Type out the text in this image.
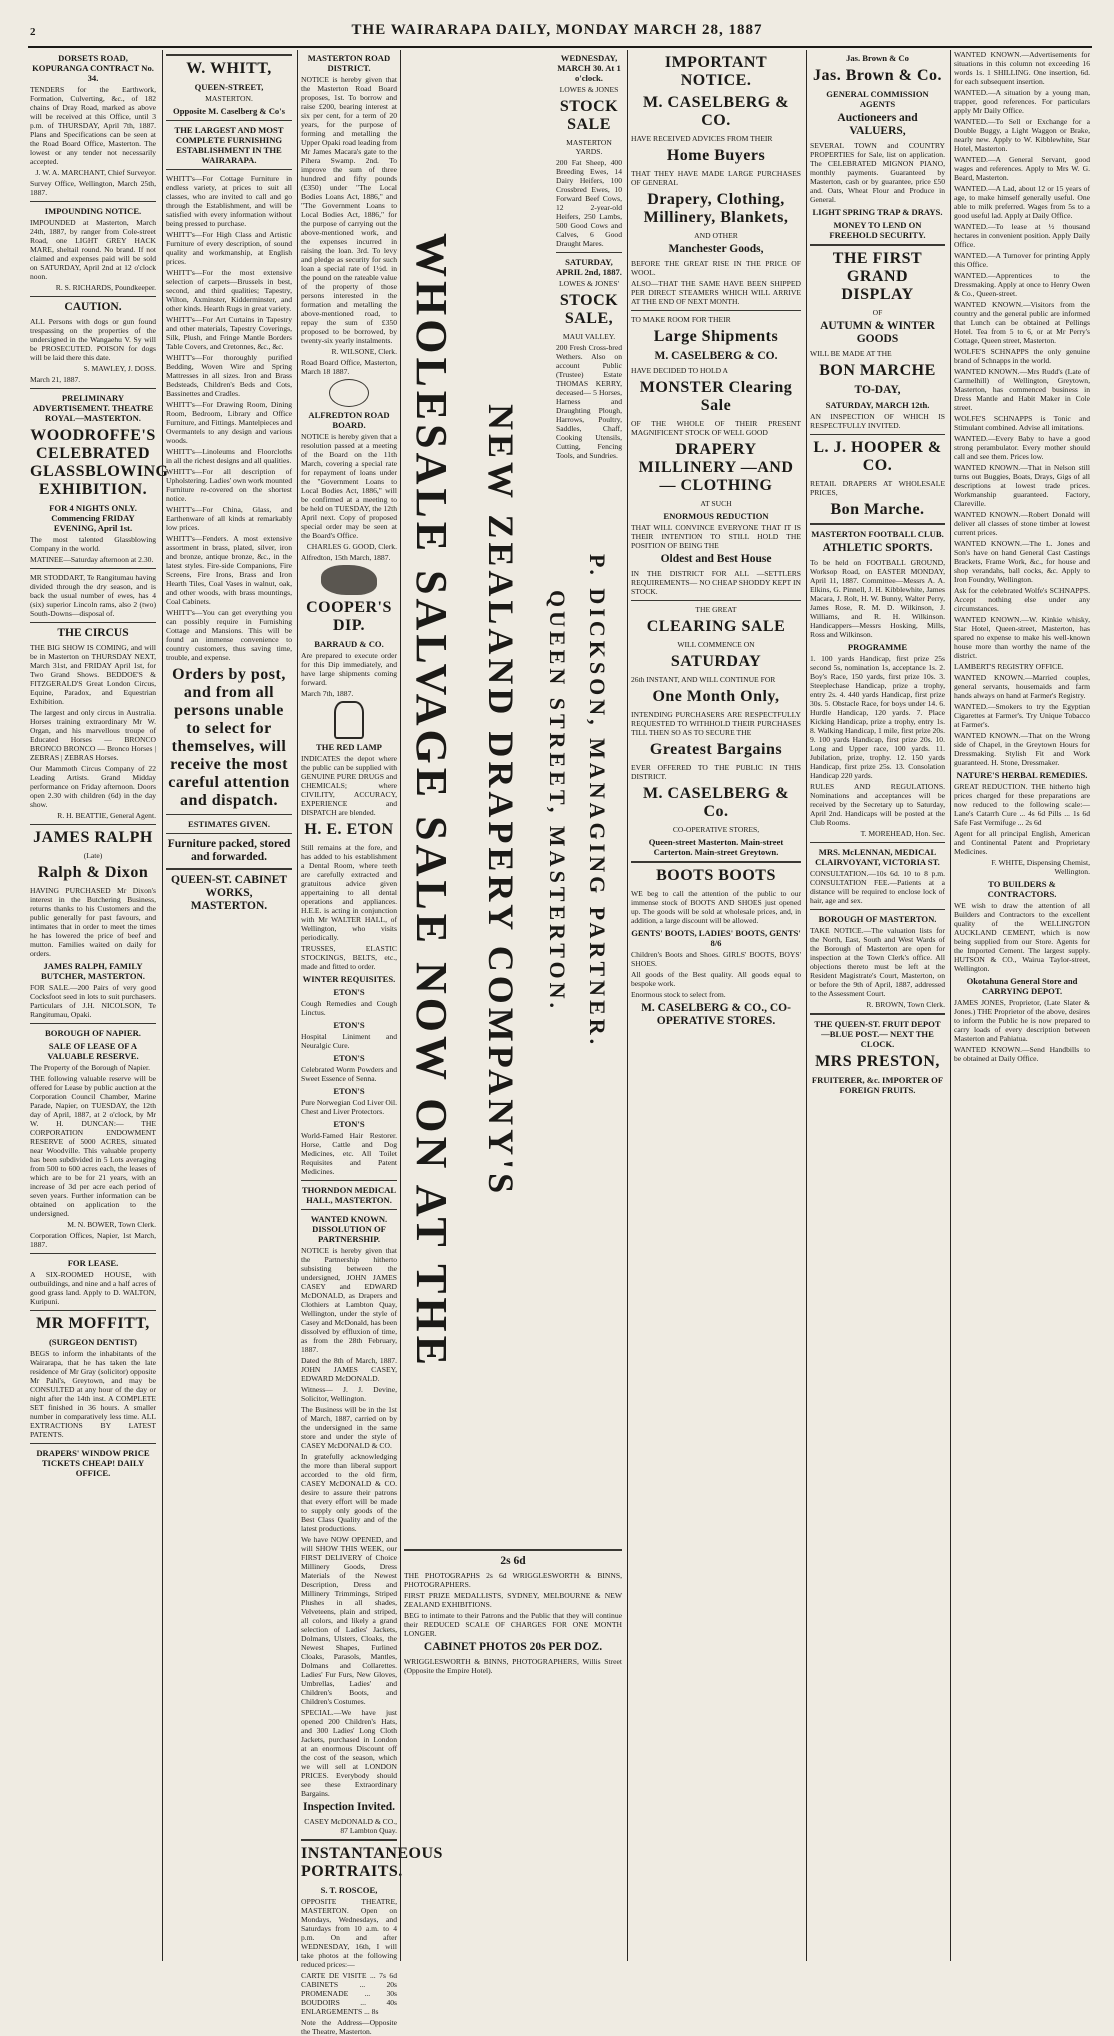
2	THE WAIRARAPA DAILY, MONDAY MARCH 28, 1887

DORSETS ROAD, KOPURANGA CONTRACT No. 34.

TENDERS for the Earthwork, Formation, Culverting, &c., of 182 chains of Dray Road, marked as above will be received at this Office, until 3 p.m. of THURSDAY, April 7th, 1887. Plans and Specifications can be seen at the Road Board Office, Masterton. The lowest or any tender not necessarily accepted.

J. W. A. MARCHANT, Chief Surveyor.

Survey Office, Wellington, March 25th, 1887.

IMPOUNDING NOTICE.

IMPOUNDED at Masterton, March 24th, 1887, by ranger from Cole-street Road, one LIGHT GREY HACK MARE, sheltail round. No brand. If not claimed and expenses paid will be sold on SATURDAY, April 2nd at 12 o'clock noon.

R. S. RICHARDS, Poundkeeper.

CAUTION.

ALL Persons with dogs or gun found trespassing on the properties of the undersigned in the Wangaehu V. Sy will be PROSECUTED. POISON for dogs will be laid there this date.

S. MAWLEY, J. DOSS.

March 21, 1887.

PRELIMINARY ADVERTISEMENT. THEATRE ROYAL—MASTERTON.

WOODROFFE'S CELEBRATED GLASSBLOWING EXHIBITION.

FOR 4 NIGHTS ONLY. Commencing FRIDAY EVENING, April 1st.

The most talented Glassblowing Company in the world.

MATINEE—Saturday afternoon at 2.30.

MR STODDART, Te Rangitumau having divided through the dry season, and is back the usual number of ewes, has 4 (six) superior Lincoln rams, also 2 (two) South-Downs—disposal of.

THE CIRCUS

THE BIG SHOW IS COMING, and will be in Masterton on THURSDAY NEXT, March 31st, and FRIDAY April 1st, for Two Grand Shows. BEDDOE'S & FITZGERALD'S Great London Circus, Equine, Paradox, and Equestrian Exhibition.

The largest and only circus in Australia. Horses training extraordinary Mr W. Organ, and his marvellous troupe of Educated Horses — BRONCO BRONCO BRONCO — Bronco Horses | ZEBRAS | ZEBRAS Horses.

Our Mammoth Circus Company of 22 Leading Artists. Grand Midday performance on Friday afternoon. Doors open 2.30 with children (6d) in the day show.

R. H. BEATTIE, General Agent.

JAMES RALPH

(Late)

Ralph & Dixon

HAVING PURCHASED Mr Dixon's interest in the Butchering Business, returns thanks to his Customers and the public generally for past favours, and intimates that in order to meet the times he has lowered the price of beef and mutton. Families waited on daily for orders.

JAMES RALPH, FAMILY BUTCHER, MASTERTON.

FOR SALE.—200 Pairs of very good Cocksfoot seed in lots to suit purchasers. Particulars of J.H. NICOLSON, Te Rangitumau, Opaki.

BOROUGH OF NAPIER.

SALE OF LEASE OF A VALUABLE RESERVE.

The Property of the Borough of Napier.

THE following valuable reserve will be offered for Lease by public auction at the Corporation Council Chamber, Marine Parade, Napier, on TUESDAY, the 12th day of April, 1887, at 2 o'clock, by Mr W. H. DUNCAN:— THE CORPORATION ENDOWMENT RESERVE of 5000 ACRES, situated near Woodville. This valuable property has been subdivided in 5 Lots averaging from 500 to 600 acres each, the leases of which are to be for 21 years, with an increase of 3d per acre each period of seven years. Further information can be obtained on application to the undersigned.

M. N. BOWER, Town Clerk.

Corporation Offices, Napier, 1st March, 1887.

FOR LEASE.

A SIX-ROOMED HOUSE, with outbuildings, and nine and a half acres of good grass land. Apply to D. WALTON, Kuripuni.

MR MOFFITT,

(SURGEON DENTIST)

BEGS to inform the inhabitants of the Wairarapa, that he has taken the late residence of Mr Gray (solicitor) opposite Mr Pahl's, Greytown, and may be CONSULTED at any hour of the day or night after the 14th inst. A COMPLETE SET finished in 36 hours. A smaller number in comparatively less time. ALL EXTRACTIONS BY LATEST PATENTS.

DRAPERS' WINDOW PRICE TICKETS CHEAP! DAILY OFFICE.

W. WHITT,

QUEEN-STREET,

MASTERTON.

Opposite M. Caselberg & Co's

THE LARGEST AND MOST COMPLETE FURNISHING ESTABLISHMENT IN THE WAIRARAPA.

WHITT's—For Cottage Furniture in endless variety, at prices to suit all classes, who are invited to call and go through the Establishment, and will be satisfied with every information without being pressed to purchase.

WHITT's—For High Class and Artistic Furniture of every description, of sound quality and workmanship, at English prices.

WHITT's—For the most extensive selection of carpets—Brussels in best, second, and third qualities; Tapestry, Wilton, Axminster, Kidderminster, and other kinds. Hearth Rugs in great variety.

WHITT's—For Art Curtains in Tapestry and other materials, Tapestry Coverings, Silk, Plush, and Fringe Mantle Borders Table Covers, and Cretonnes, &c., &c.

WHITT's—For thoroughly purified Bedding, Woven Wire and Spring Mattresses in all sizes. Iron and Brass Bedsteads, Children's Beds and Cots, Bassinettes and Cradles.

WHITT's—For Drawing Room, Dining Room, Bedroom, Library and Office Furniture, and Fittings. Mantelpieces and Overmantels to any design and various woods.

WHITT's—Linoleums and Floorcloths in all the richest designs and all qualities.

WHITT's—For all description of Upholstering. Ladies' own work mounted Furniture re-covered on the shortest notice.

WHITT's—For China, Glass, and Earthenware of all kinds at remarkably low prices.

WHITT's—Fenders. A most extensive assortment in brass, plated, silver, iron and bronze, antique bronze, &c., in the latest styles. Fire-side Companions, Fire Screens, Fire Irons, Brass and Iron Hearth Tiles, Coal Vases in walnut, oak, and other woods, with brass mountings, Coal Cabinets.

WHITT's—You can get everything you can possibly require in Furnishing Cottage and Mansions. This will be found an immense convenience to country customers, thus saving time, trouble, and expense.

Orders by post, and from all persons unable to select for themselves, will receive the most careful attention and dispatch.

ESTIMATES GIVEN.

Furniture packed, stored and forwarded.

QUEEN-ST. CABINET WORKS, MASTERTON.

MASTERTON ROAD DISTRICT.

NOTICE is hereby given that the Masterton Road Board proposes, 1st. To borrow and raise £200, bearing interest at six per cent, for a term of 20 years, for the purpose of forming and metalling the Upper Opaki road leading from Mr James Macara's gate to the Pihera Swamp. 2nd. To improve the sum of three hundred and fifty pounds (£350) under "The Local Bodies Loans Act, 1886," and "The Government Loans to Local Bodies Act, 1886," for the purpose of carrying out the above-mentioned work, and the expenses incurred in raising the loan. 3rd. To levy and pledge as security for such loan a special rate of 1½d. in the pound on the rateable value of the property of those persons interested in the formation and metalling the above-mentioned road, to repay the sum of £350 proposed to be borrowed, by twenty-six yearly instalments.

R. WILSONE, Clerk.

Road Board Office, Masterton, March 18 1887.

ALFREDTON ROAD BOARD.

NOTICE is hereby given that a resolution passed at a meeting of the Board on the 11th March, covering a special rate for repayment of loans under the "Government Loans to Local Bodies Act, 1886," will be confirmed at a meeting to be held on TUESDAY, the 12th April next. Copy of proposed special order may be seen at the Board's Office.

CHARLES G. GOOD, Clerk.

Alfredton, 15th March, 1887.

COOPER'S DIP.

BARRAUD & CO.

Are prepared to execute order for this Dip immediately, and have large shipments coming forward.

March 7th, 1887.

THE RED LAMP

INDICATES the depot where the public can be supplied with GENUINE PURE DRUGS and CHEMICALS; where CIVILITY, ACCURACY, EXPERIENCE and DISPATCH are blended.

H. E. ETON

Still remains at the fore, and has added to his establishment a Dental Room, where teeth are carefully extracted and gratuitous advice given appertaining to all dental operations and appliances. H.E.E. is acting in conjunction with Mr WALTER HALL, of Wellington, who visits periodically.

TRUSSES, ELASTIC STOCKINGS, BELTS, etc., made and fitted to order.

WINTER REQUISITES.

ETON'S

Cough Remedies and Cough Linctus.

ETON'S

Hospital Liniment and Neuralgic Cure.

ETON'S

Celebrated Worm Powders and Sweet Essence of Senna.

ETON'S

Pure Norwegian Cod Liver Oil. Chest and Liver Protectors.

ETON'S

World-Famed Hair Restorer. Horse, Cattle and Dog Medicines, etc. All Toilet Requisites and Patent Medicines.

THORNDON MEDICAL HALL, MASTERTON.

WANTED KNOWN. DISSOLUTION OF PARTNERSHIP.

NOTICE is hereby given that the Partnership hitherto subsisting between the undersigned, JOHN JAMES CASEY and EDWARD McDONALD, as Drapers and Clothiers at Lambton Quay, Wellington, under the style of Casey and McDonald, has been dissolved by effluxion of time, as from the 28th February, 1887.

Dated the 8th of March, 1887. JOHN JAMES CASEY, EDWARD McDONALD.

Witness— J. J. Devine, Solicitor, Wellington.

The Business will be in the 1st of March, 1887, carried on by the undersigned in the same store and under the style of CASEY McDONALD & CO.

In gratefully acknowledging the more than liberal support accorded to the old firm, CASEY McDONALD & CO. desire to assure their patrons that every effort will be made to supply only goods of the Best Class Quality and of the latest productions.

We have NOW OPENED, and will SHOW THIS WEEK, our FIRST DELIVERY of Choice Millinery Goods, Dress Materials of the Newest Description, Dress and Millinery Trimmings, Striped Plushes in all shades, Velveteens, plain and striped, all colors, and likely a grand selection of Ladies' Jackets, Dolmans, Ulsters, Cloaks, the Newest Shapes, Furlined Cloaks, Parasols, Mantles, Dolmans and Collarettes. Ladies' Fur Furs, New Gloves, Umbrellas, Ladies' and Children's Boots, and Children's Costumes.

SPECIAL.—We have just opened 200 Children's Hats, and 300 Ladies' Long Cloth Jackets, purchased in London at an enormous Discount off the cost of the season, which we will sell at LONDON PRICES. Everybody should see these Extraordinary Bargains.

Inspection Invited.

CASEY McDONALD & CO., 87 Lambton Quay.

INSTANTANEOUS PORTRAITS.

S. T. ROSCOE,

OPPOSITE THEATRE, MASTERTON. Open on Mondays, Wednesdays, and Saturdays from 10 a.m. to 4 p.m. On and after WEDNESDAY, 16th, I will take photos at the following reduced prices:—

CARTE DE VISITE ... 7s 6d CABINETS ... 20s PROMENADE ... 30s BOUDOIRS ... 40s ENLARGEMENTS ... 8s

Note the Address—Opposite the Theatre, Masterton.

WEDNESDAY, MARCH 30. At 1 o'clock.

LOWES & JONES

STOCK SALE

MASTERTON YARDS.

200 Fat Sheep, 400 Breeding Ewes, 14 Dairy Heifers, 100 Crossbred Ewes, 10 Forward Beef Cows, 12 2-year-old Heifers, 250 Lambs, 500 Good Cows and Calves, 6 Good Draught Mares.

SATURDAY, APRIL 2nd, 1887.

LOWES & JONES'

STOCK SALE,

MAUI VALLEY.

200 Fresh Cross-bred Wethers. Also on account Public (Trustee) Estate THOMAS KERRY, deceased— 5 Horses, Harness and Draughting Plough, Harrows, Poultry, Saddles, Chaff, Cooking Utensils, Cutting, Fencing Tools, and Sundries.

WHOLESALE SALVAGE SALE NOW ON AT THE NEW ZEALAND DRAPERY COMPANY'S QUEEN STREET, MASTERTON. P. DICKSON, MANAGING PARTNER.

2s 6d

THE PHOTOGRAPHS 2s 6d WRIGGLESWORTH & BINNS, PHOTOGRAPHERS.

FIRST PRIZE MEDALLISTS, SYDNEY, MELBOURNE & NEW ZEALAND EXHIBITIONS.

BEG to intimate to their Patrons and the Public that they will continue their REDUCED SCALE OF CHARGES FOR ONE MONTH LONGER.

CABINET PHOTOS 20s PER DOZ.

WRIGGLESWORTH & BINNS, PHOTOGRAPHERS, Willis Street (Opposite the Empire Hotel).

IMPORTANT NOTICE.

M. CASELBERG & CO.

HAVE RECEIVED ADVICES FROM THEIR

Home Buyers

THAT THEY HAVE MADE LARGE PURCHASES OF GENERAL

Drapery, Clothing, Millinery, Blankets,

AND OTHER

Manchester Goods,

BEFORE THE GREAT RISE IN THE PRICE OF WOOL.

ALSO—THAT THE SAME HAVE BEEN SHIPPED PER DIRECT STEAMERS WHICH WILL ARRIVE AT THE END OF NEXT MONTH.

TO MAKE ROOM FOR THEIR

Large Shipments

M. CASELBERG & CO.

HAVE DECIDED TO HOLD A

MONSTER Clearing Sale

OF THE WHOLE OF THEIR PRESENT MAGNIFICENT STOCK OF WELL GOOD

DRAPERY MILLINERY —AND— CLOTHING

AT SUCH

ENORMOUS REDUCTION

THAT WILL CONVINCE EVERYONE THAT IT IS THEIR INTENTION TO STILL HOLD THE POSITION OF BEING THE

Oldest and Best House

IN THE DISTRICT FOR ALL —SETTLERS REQUIREMENTS— NO CHEAP SHODDY KEPT IN STOCK.

THE GREAT

CLEARING SALE

WILL COMMENCE ON

SATURDAY

26th INSTANT, AND WILL CONTINUE FOR

One Month Only,

INTENDING PURCHASERS ARE RESPECTFULLY REQUESTED TO WITHHOLD THEIR PURCHASES TILL THEN SO AS TO SECURE THE

Greatest Bargains

EVER OFFERED TO THE PUBLIC IN THIS DISTRICT.

M. CASELBERG & Co.

CO-OPERATIVE STORES,

Queen-street Masterton. Main-street Carterton. Main-street Greytown.

BOOTS BOOTS

WE beg to call the attention of the public to our immense stock of BOOTS AND SHOES just opened up. The goods will be sold at wholesale prices, and, in addition, a large discount will be allowed.

GENTS' BOOTS, LADIES' BOOTS, GENTS' 8/6

Children's Boots and Shoes. GIRLS' BOOTS, BOYS' SHOES.

All goods of the Best quality. All goods equal to bespoke work.

Enormous stock to select from.

M. CASELBERG & CO., CO-OPERATIVE STORES.

Jas. Brown & Co

Jas. Brown & Co.

GENERAL COMMISSION AGENTS

Auctioneers and VALUERS,

SEVERAL TOWN and COUNTRY PROPERTIES for Sale, list on application. The CELEBRATED MIGNON PIANO, monthly payments. Guaranteed by Masterton, cash or by guarantee, price £50 and. Oats, Wheat Flour and Produce in General.

LIGHT SPRING TRAP & DRAYS.

MONEY TO LEND ON FREEHOLD SECURITY.

THE FIRST GRAND DISPLAY

OF

AUTUMN & WINTER GOODS

WILL BE MADE AT THE

BON MARCHE

TO-DAY,

SATURDAY, MARCH 12th.

AN INSPECTION OF WHICH IS RESPECTFULLY INVITED.

L. J. HOOPER & CO.

RETAIL DRAPERS AT WHOLESALE PRICES,

Bon Marche.

MASTERTON FOOTBALL CLUB.

ATHLETIC SPORTS.

To be held on FOOTBALL GROUND, Worksop Road, on EASTER MONDAY, April 11, 1887. Committee—Messrs A. A. Elkins, G. Pinnell, J. H. Kibblewhite, James Macara, J. Rolt, H. W. Bunny, Walter Perry, James Rose, R. M. D. Wilkinson, J. Williams, and R. H. Wilkinson. Handicappers—Messrs Hosking, Mills, Ross and Wilkinson.

PROGRAMME

1. 100 yards Handicap, first prize 25s second 5s, nomination 1s, acceptance 1s. 2. Boy's Race, 150 yards, first prize 10s. 3. Steeplechase Handicap, prize a trophy, entry 2s. 4. 440 yards Handicap, first prize 30s. 5. Obstacle Race, for boys under 14. 6. Hurdle Handicap, 120 yards. 7. Place Kicking Handicap, prize a trophy, entry 1s. 8. Walking Handicap, 1 mile, first prize 20s. 9. 100 yards Handicap, first prize 20s. 10. Long and Upper race, 100 yards. 11. Jubilation, prize, trophy. 12. 150 yards Handicap, first prize 25s. 13. Consolation Handicap 220 yards.

RULES AND REGULATIONS. Nominations and acceptances will be received by the Secretary up to Saturday, April 2nd. Handicaps will be posted at the Club Rooms.

T. MOREHEAD, Hon. Sec.

MRS. McLENNAN, MEDICAL CLAIRVOYANT, VICTORIA ST.

CONSULTATION.—10s 6d. 10 to 8 p.m. CONSULTATION FEE.—Patients at a distance will be required to enclose lock of hair, age and sex.

BOROUGH OF MASTERTON.

TAKE NOTICE.—The valuation lists for the North, East, South and West Wards of the Borough of Masterton are open for inspection at the Town Clerk's office. All objections thereto must be left at the Resident Magistrate's Court, Masterton, on or before the 9th of April, 1887, addressed to the Assessment Court.

R. BROWN, Town Clerk.

THE QUEEN-ST. FRUIT DEPOT —BLUE POST.— NEXT THE CLOCK.

MRS PRESTON,

FRUITERER, &c. IMPORTER OF FOREIGN FRUITS.

WANTED KNOWN.—Advertisements for situations in this column not exceeding 16 words 1s. 1 SHILLING. One insertion, 6d. for each subsequent insertion.

WANTED.—A situation by a young man, trapper, good references. For particulars apply Mr Daily Office.

WANTED.—To Sell or Exchange for a Double Buggy, a Light Waggon or Brake, nearly new. Apply to W. Kibblewhite, Star Hotel, Masterton.

WANTED.—A General Servant, good wages and references. Apply to Mrs W. G. Beard, Masterton.

WANTED.—A Lad, about 12 or 15 years of age, to make himself generally useful. One able to milk preferred. Wages from 5s to a good useful lad. Apply at Daily Office.

WANTED.—To lease at ½ thousand hectares in convenient position. Apply Daily Office.

WANTED.—A Turnover for printing Apply this Office.

WANTED.—Apprentices to the Dressmaking. Apply at once to Henry Owen & Co., Queen-street.

WANTED KNOWN.—Visitors from the country and the general public are informed that Lunch can be obtained at Pellings Hotel. Tea from 5 to 6, or at Mr Perry's Cottage, Queen street, Masterton.

WOLFE'S SCHNAPPS the only genuine brand of Schnapps in the world.

WANTED KNOWN.—Mrs Rudd's (Late of Carmelhill) of Wellington, Greytown, Masterton, has commenced business in Dress Mantle and Habit Maker in Cole street.

WOLFE'S SCHNAPPS is Tonic and Stimulant combined. Advise all imitations.

WANTED.—Every Baby to have a good strong perambulator. Every mother should call and see them. Prices low.

WANTED KNOWN.—That in Nelson still turns out Buggies, Boats, Drays, Gigs of all descriptions at lowest trade prices. Workmanship guaranteed. Factory, Clareville.

WANTED KNOWN.—Robert Donald will deliver all classes of stone timber at lowest current prices.

WANTED KNOWN.—The L. Jones and Son's have on hand General Cast Castings Brackets, Frame Work, &c., for house and shop verandahs, ball cocks, &c. Apply to Iron Foundry, Wellington.

Ask for the celebrated Wolfe's SCHNAPPS. Accept nothing else under any circumstances.

WANTED KNOWN.—W. Kinkie whisky, Star Hotel, Queen-street, Masterton, has spared no expense to make his well-known house more than worthy the name of the district.

LAMBERT'S REGISTRY OFFICE.

WANTED KNOWN.—Married couples, general servants, housemaids and farm hands always on hand at Farmer's Registry.

WANTED.—Smokers to try the Egyptian Cigarettes at Farmer's. Try Unique Tobacco at Farmer's.

WANTED KNOWN.—That on the Wrong side of Chapel, in the Greytown Hours for Dressmaking. Stylish Fit and Work guaranteed. H. Stone, Dressmaker.

NATURE'S HERBAL REMEDIES.

GREAT REDUCTION. THE hitherto high prices charged for these preparations are now reduced to the following scale:— Lane's Catarrh Cure ... 4s 6d Pills ... 1s 6d Safe Fast Vermifuge ... 2s 6d

Agent for all principal English, American and Continental Patent and Proprietary Medicines.

F. WHITE, Dispensing Chemist, Wellington.

TO BUILDERS & CONTRACTORS.

WE wish to draw the attention of all Builders and Contractors to the excellent quality of the WELLINGTON AUCKLAND CEMENT, which is now being supplied from our Store. Agents for the Imported Cement. The largest supply. HUTSON & CO., Wairua Taylor-street, Wellington.

Okotahuna General Store and CARRYING DEPOT.

JAMES JONES, Proprietor, (Late Slater & Jones.) THE Proprietor of the above, desires to inform the Public he is now prepared to carry loads of every description between Masterton and Pahiatua.

WANTED KNOWN.—Send Handbills to be obtained at Daily Office.
